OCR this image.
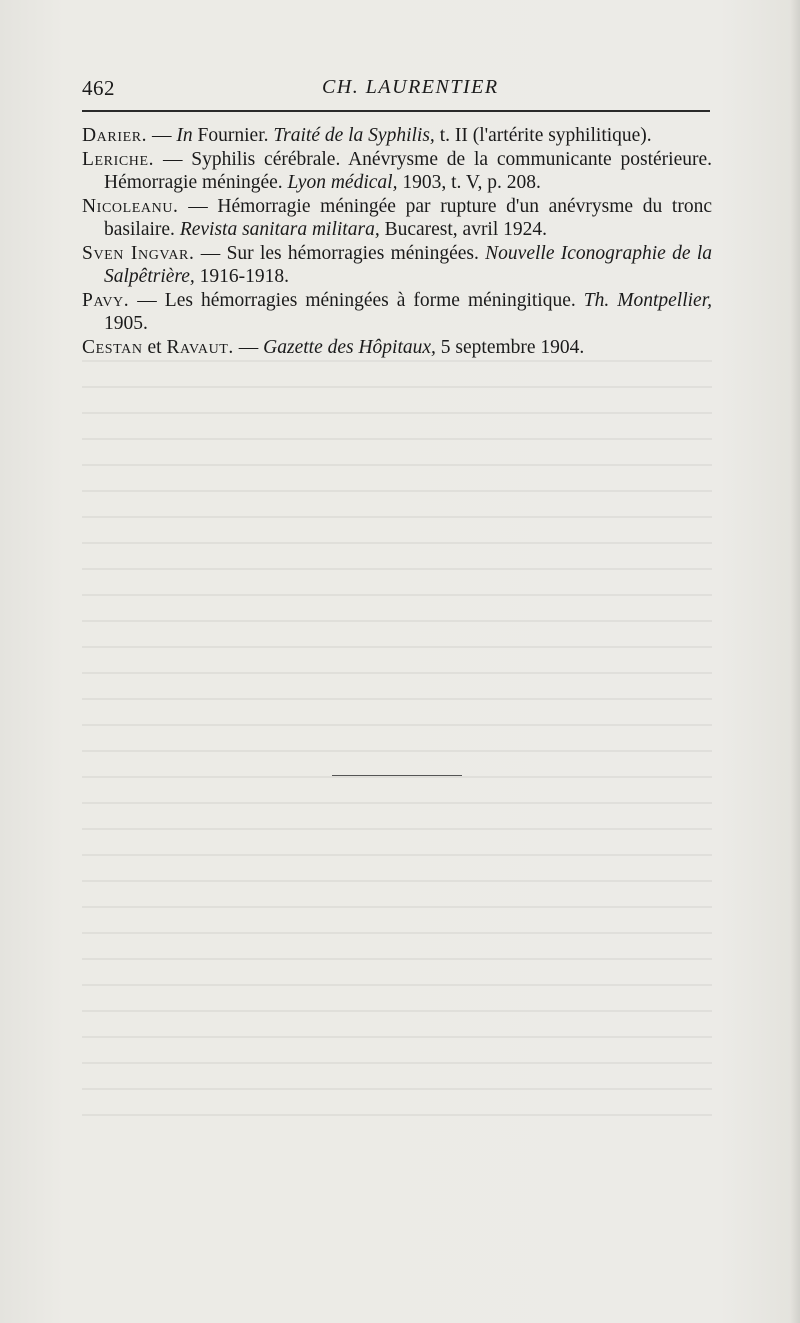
462	CH. LAURENTIER
Darier. — In Fournier. Traité de la Syphilis, t. II (l'artérite syphilitique).
Leriche. — Syphilis cérébrale. Anévrysme de la communicante postérieure. Hémorragie méningée. Lyon médical, 1903, t. V, p. 208.
Nicoleanu. — Hémorragie méningée par rupture d'un anévrysme du tronc basilaire. Revista sanitara militara, Bucarest, avril 1924.
Sven Ingvar. — Sur les hémorragies méningées. Nouvelle Iconographie de la Salpêtrière, 1916-1918.
Pavy. — Les hémorragies méningées à forme méningitique. Th. Montpellier, 1905.
Cestan et Ravaut. — Gazette des Hôpitaux, 5 septembre 1904.
